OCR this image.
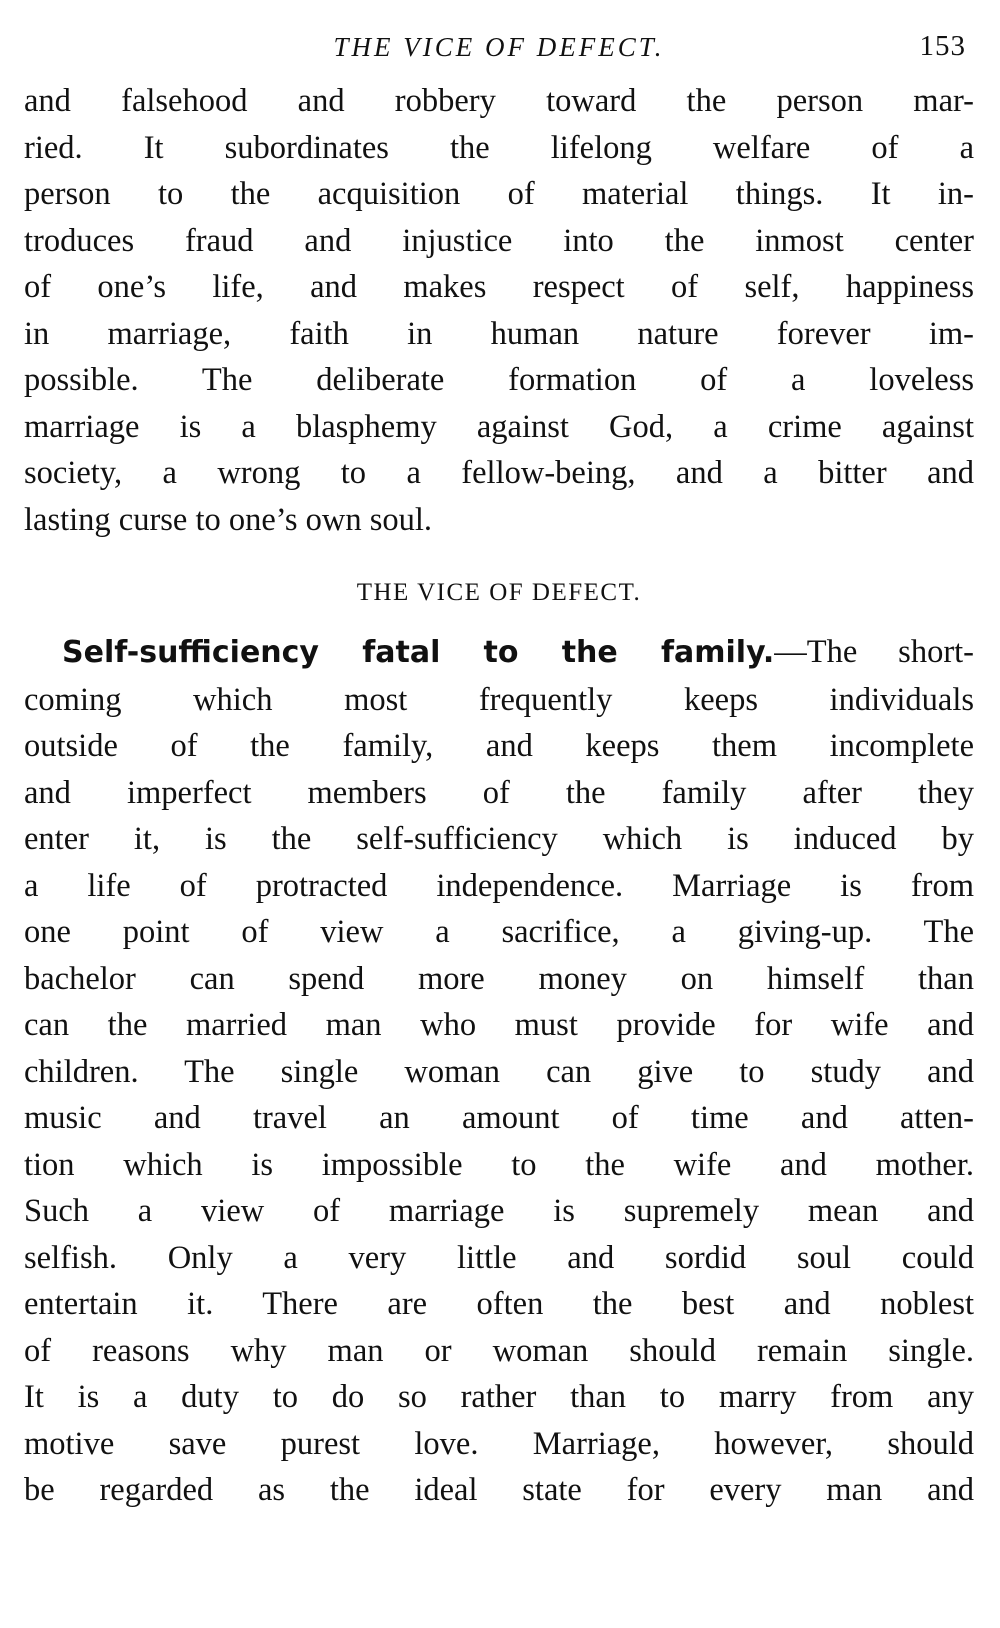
THE VICE OF DEFECT.	153

and falsehood and robbery toward the person mar-
ried. It subordinates the lifelong welfare of a
person to the acquisition of material things. It in-
troduces fraud and injustice into the inmost center
of one’s life, and makes respect of self, happiness
in marriage, faith in human nature forever im-
possible. The deliberate formation of a loveless
marriage is a blasphemy against God, a crime against
society, a wrong to a fellow-being, and a bitter and
lasting curse to one’s own soul.

THE VICE OF DEFECT.

Self-sufficiency fatal to the family.—The short-
coming which most frequently keeps individuals
outside of the family, and keeps them incomplete
and imperfect members of the family after they
enter it, is the self-sufficiency which is induced by
a life of protracted independence. Marriage is from
one point of view a sacrifice, a giving-up. The
bachelor can spend more money on himself than
can the married man who must provide for wife and
children. The single woman can give to study and
music and travel an amount of time and atten-
tion which is impossible to the wife and mother.
Such a view of marriage is supremely mean and
selfish. Only a very little and sordid soul could
entertain it. There are often the best and noblest
of reasons why man or woman should remain single.
It is a duty to do so rather than to marry from any
motive save purest love. Marriage, however, should
be regarded as the ideal state for every man and
